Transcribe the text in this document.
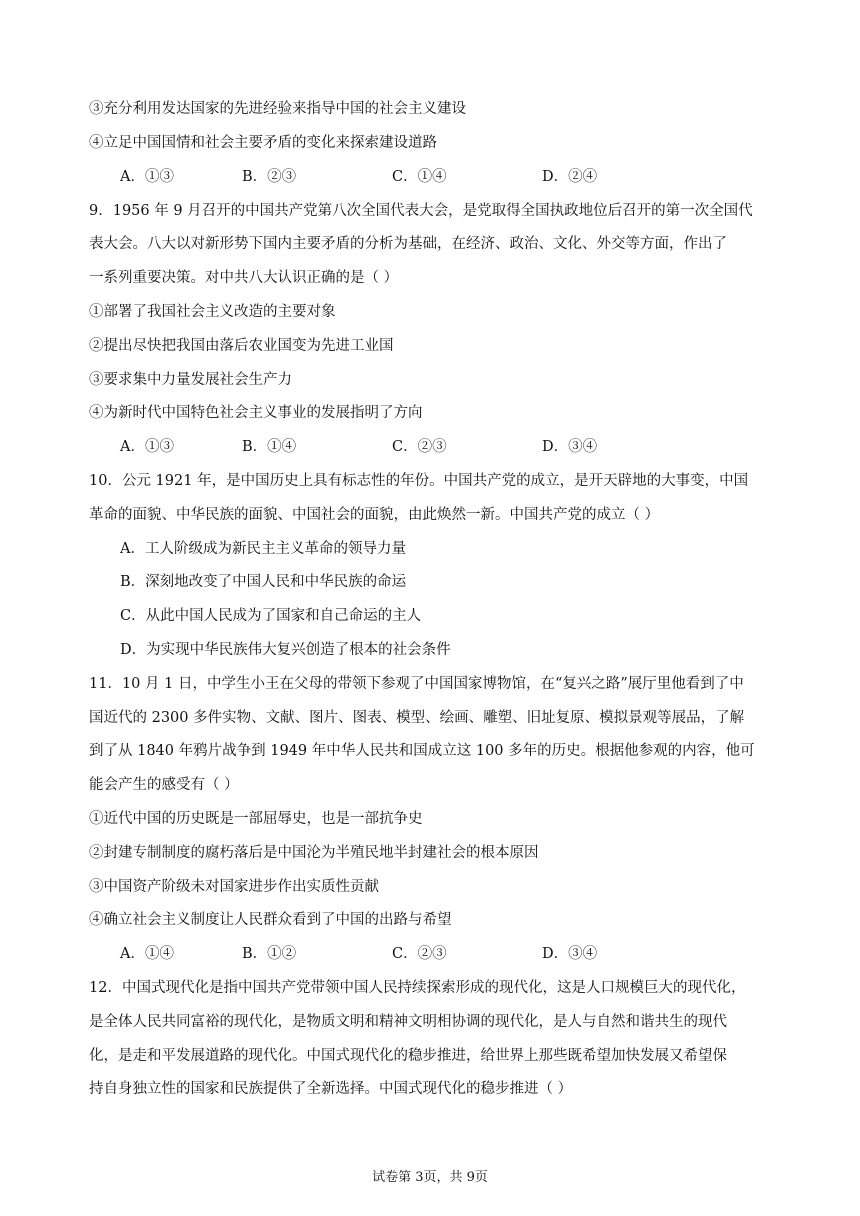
③充分利用发达国家的先进经验来指导中国的社会主义建设
④立足中国国情和社会主要矛盾的变化来探索建设道路
A．①③	B．②③	C．①④	D．②④
9．1956 年 9 月召开的中国共产党第八次全国代表大会，是党取得全国执政地位后召开的第一次全国代
表大会。八大以对新形势下国内主要矛盾的分析为基础，在经济、政治、文化、外交等方面，作出了
一系列重要决策。对中共八大认识正确的是（ ）
①部署了我国社会主义改造的主要对象
②提出尽快把我国由落后农业国变为先进工业国
③要求集中力量发展社会生产力
④为新时代中国特色社会主义事业的发展指明了方向
A．①③	B．①④	C．②③	D．③④
10．公元 1921 年，是中国历史上具有标志性的年份。中国共产党的成立，是开天辟地的大事变，中国
革命的面貌、中华民族的面貌、中国社会的面貌，由此焕然一新。中国共产党的成立（ ）
A．工人阶级成为新民主主义革命的领导力量
B．深刻地改变了中国人民和中华民族的命运
C．从此中国人民成为了国家和自己命运的主人
D．为实现中华民族伟大复兴创造了根本的社会条件
11．10 月 1 日，中学生小王在父母的带领下参观了中国国家博物馆，在“复兴之路”展厅里他看到了中
国近代的 2300 多件实物、文献、图片、图表、模型、绘画、雕塑、旧址复原、模拟景观等展品，了解
到了从 1840 年鸦片战争到 1949 年中华人民共和国成立这 100 多年的历史。根据他参观的内容，他可
能会产生的感受有（ ）
①近代中国的历史既是一部屈辱史，也是一部抗争史
②封建专制制度的腐朽落后是中国沦为半殖民地半封建社会的根本原因
③中国资产阶级未对国家进步作出实质性贡献
④确立社会主义制度让人民群众看到了中国的出路与希望
A．①④	B．①②	C．②③	D．③④
12．中国式现代化是指中国共产党带领中国人民持续探索形成的现代化，这是人口规模巨大的现代化，
是全体人民共同富裕的现代化，是物质文明和精神文明相协调的现代化，是人与自然和谐共生的现代
化，是走和平发展道路的现代化。中国式现代化的稳步推进，给世界上那些既希望加快发展又希望保
持自身独立性的国家和民族提供了全新选择。中国式现代化的稳步推进（ ）
试卷第 3页，共 9页
